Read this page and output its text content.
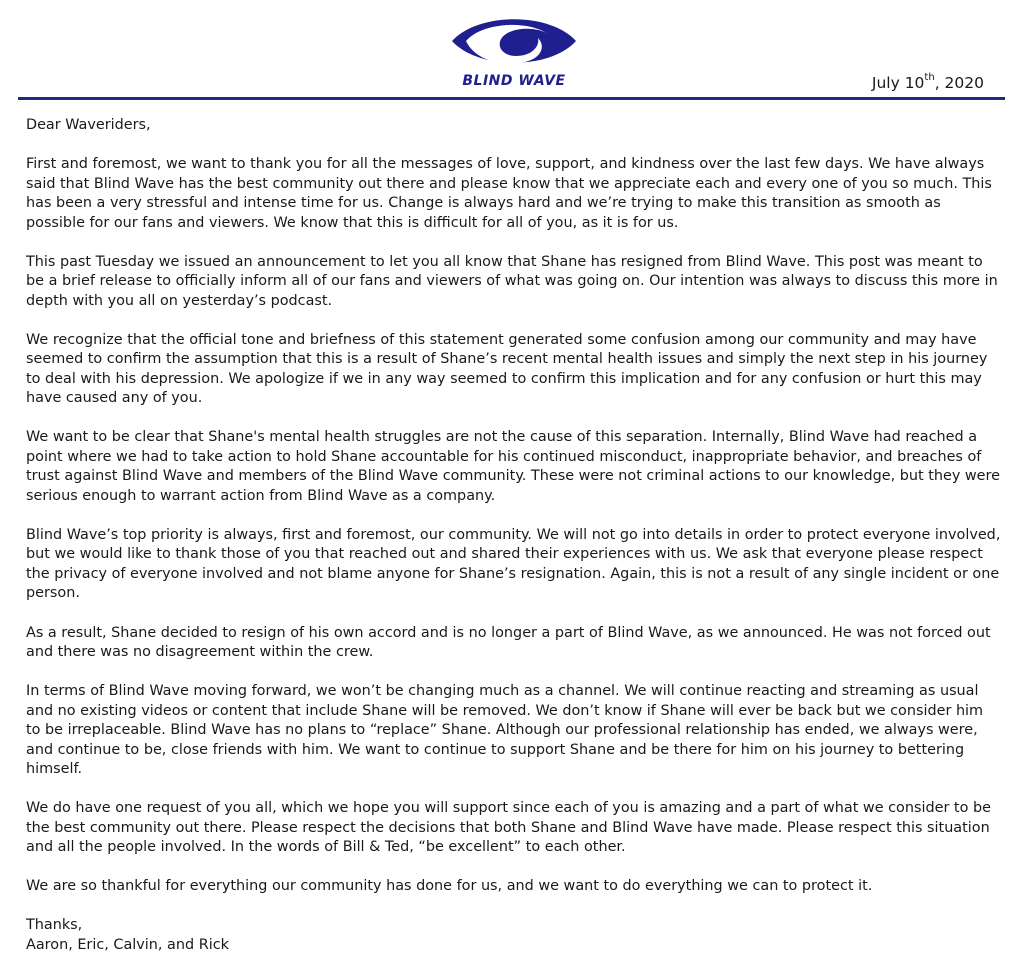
BLIND WAVE	July 10th, 2020

Dear Waveriders,

First and foremost, we want to thank you for all the messages of love, support, and kindness over the last few days. We have always said that Blind Wave has the best community out there and please know that we appreciate each and every one of you so much. This has been a very stressful and intense time for us. Change is always hard and we’re trying to make this transition as smooth as possible for our fans and viewers. We know that this is difficult for all of you, as it is for us.

This past Tuesday we issued an announcement to let you all know that Shane has resigned from Blind Wave. This post was meant to be a brief release to officially inform all of our fans and viewers of what was going on. Our intention was always to discuss this more in depth with you all on yesterday’s podcast.

We recognize that the official tone and briefness of this statement generated some confusion among our community and may have seemed to confirm the assumption that this is a result of Shane’s recent mental health issues and simply the next step in his journey to deal with his depression. We apologize if we in any way seemed to confirm this implication and for any confusion or hurt this may have caused any of you.

We want to be clear that Shane's mental health struggles are not the cause of this separation. Internally, Blind Wave had reached a point where we had to take action to hold Shane accountable for his continued misconduct, inappropriate behavior, and breaches of trust against Blind Wave and members of the Blind Wave community. These were not criminal actions to our knowledge, but they were serious enough to warrant action from Blind Wave as a company.

Blind Wave’s top priority is always, first and foremost, our community. We will not go into details in order to protect everyone involved, but we would like to thank those of you that reached out and shared their experiences with us. We ask that everyone please respect the privacy of everyone involved and not blame anyone for Shane’s resignation. Again, this is not a result of any single incident or one person.

As a result, Shane decided to resign of his own accord and is no longer a part of Blind Wave, as we announced. He was not forced out and there was no disagreement within the crew.

In terms of Blind Wave moving forward, we won’t be changing much as a channel. We will continue reacting and streaming as usual and no existing videos or content that include Shane will be removed. We don’t know if Shane will ever be back but we consider him to be irreplaceable. Blind Wave has no plans to “replace” Shane. Although our professional relationship has ended, we always were, and continue to be, close friends with him. We want to continue to support Shane and be there for him on his journey to bettering himself.

We do have one request of you all, which we hope you will support since each of you is amazing and a part of what we consider to be the best community out there. Please respect the decisions that both Shane and Blind Wave have made. Please respect this situation and all the people involved. In the words of Bill & Ted, “be excellent” to each other.

We are so thankful for everything our community has done for us, and we want to do everything we can to protect it.

Thanks,

Aaron, Eric, Calvin, and Rick
